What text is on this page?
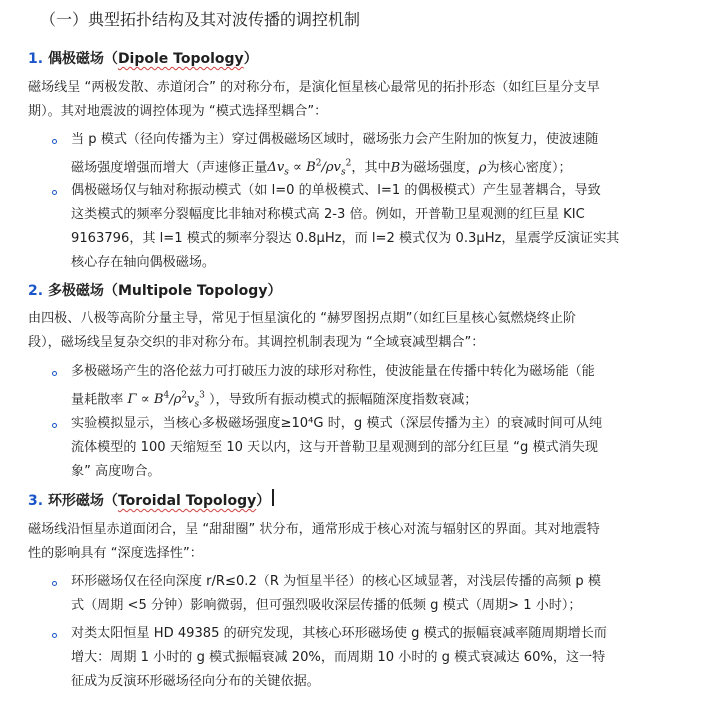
（一）典型拓扑结构及其对波传播的调控机制
1. 偶极磁场（Dipole Topology）
磁场线呈 “两极发散、赤道闭合” 的对称分布，是演化恒星核心最常见的拓扑形态（如红巨星分支早
期）。其对地震波的调控体现为 “模式选择型耦合”：
当 p 模式（径向传播为主）穿过偶极磁场区域时，磁场张力会产生附加的恢复力，使波速随
磁场强度增强而增大（声速修正量$\Delta v_s \propto B^2/\rho v_s^2$，其中B为磁场强度，ρ为核心密度）；
偶极磁场仅与轴对称振动模式（如 l=0 的单极模式、l=1 的偶极模式）产生显著耦合，导致
这类模式的频率分裂幅度比非轴对称模式高 2-3 倍。例如，开普勒卫星观测的红巨星 KIC
9163796，其 l=1 模式的频率分裂达 0.8μHz，而 l=2 模式仅为 0.3μHz，星震学反演证实其
核心存在轴向偶极磁场。
2. 多极磁场（Multipole Topology）
由四极、八极等高阶分量主导，常见于恒星演化的 “赫罗图拐点期”（如红巨星核心氦燃烧终止阶
段），磁场线呈复杂交织的非对称分布。其调控机制表现为 “全域衰减型耦合”：
多极磁场产生的洛伦兹力可打破压力波的球形对称性，使波能量在传播中转化为磁场能（能
量耗散率 $\Gamma \propto B^4/\rho^2v_s^3$ ），导致所有振动模式的振幅随深度指数衰减；
实验模拟显示，当核心多极磁场强度≥10⁴G 时，g 模式（深层传播为主）的衰减时间可从纯
流体模型的 100 天缩短至 10 天以内，这与开普勒卫星观测到的部分红巨星 “g 模式消失现
象” 高度吻合。
3. 环形磁场（Toroidal Topology）
磁场线沿恒星赤道面闭合，呈 “甜甜圈” 状分布，通常形成于核心对流与辐射区的界面。其对地震特
性的影响具有 “深度选择性”：
环形磁场仅在径向深度 r/R≤0.2（R 为恒星半径）的核心区域显著，对浅层传播的高频 p 模
式（周期 <5 分钟）影响微弱，但可强烈吸收深层传播的低频 g 模式（周期> 1 小时）；
对类太阳恒星 HD 49385 的研究发现，其核心环形磁场使 g 模式的振幅衰减率随周期增长而
增大：周期 1 小时的 g 模式振幅衰减 20%，而周期 10 小时的 g 模式衰减达 60%，这一特
征成为反演环形磁场径向分布的关键依据。
